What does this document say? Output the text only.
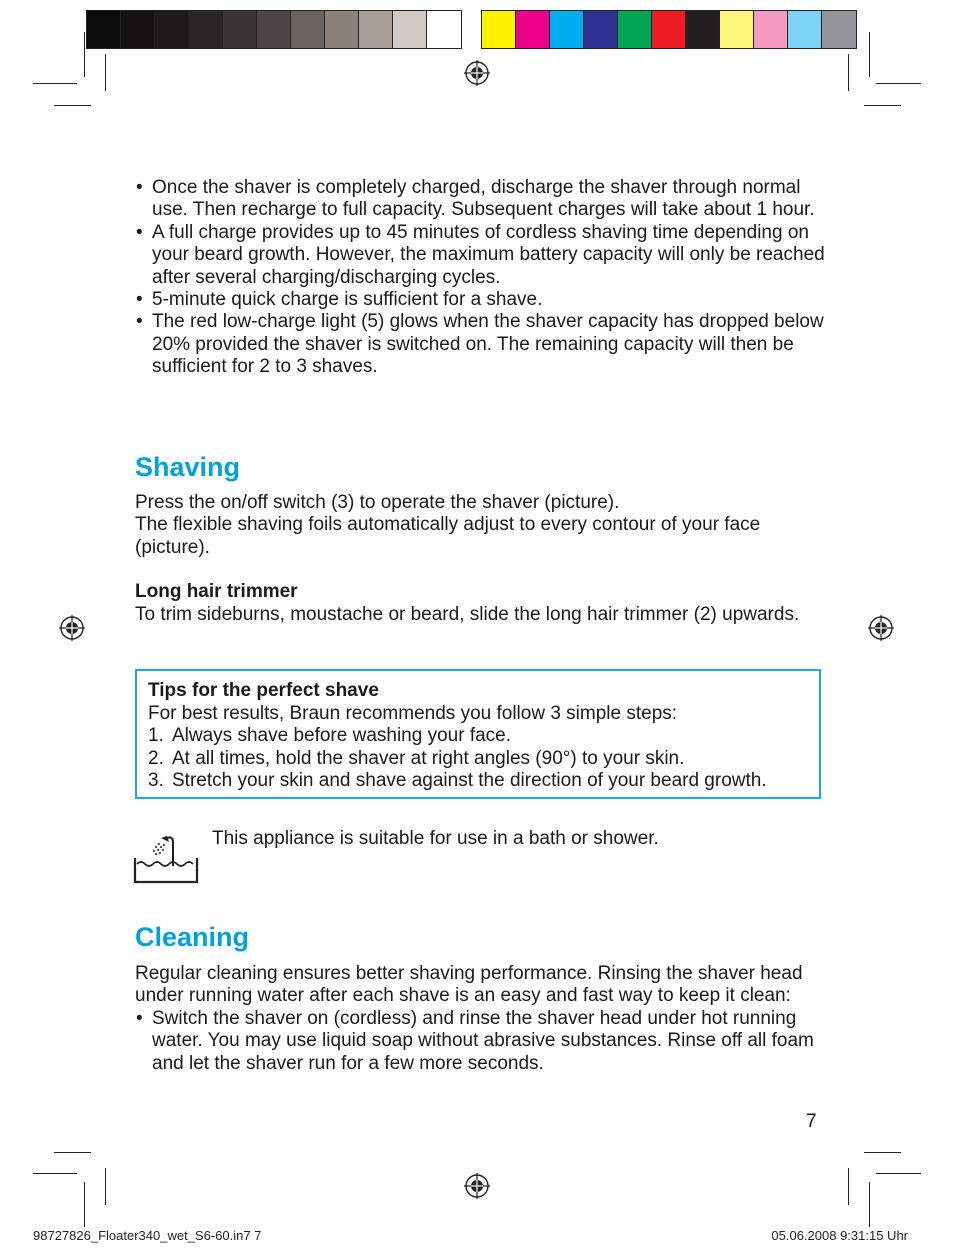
• Once the shaver is completely charged, discharge the shaver through normal use. Then recharge to full capacity. Subsequent charges will take about 1 hour.
• A full charge provides up to 45 minutes of cordless shaving time depending on your beard growth. However, the maximum battery capacity will only be reached after several charging/discharging cycles.
• 5-minute quick charge is sufficient for a shave.
• The red low-charge light (5) glows when the shaver capacity has dropped below 20% provided the shaver is switched on. The remaining capacity will then be sufficient for 2 to 3 shaves.
Shaving

Press the on/off switch (3) to operate the shaver (picture).

The flexible shaving foils automatically adjust to every contour of your face (picture).

Long hair trimmer

To trim sideburns, moustache or beard, slide the long hair trimmer (2) upwards.

Tips for the perfect shave

For best results, Braun recommends you follow 3 simple steps:

1. Always shave before washing your face.
2. At all times, hold the shaver at right angles (90°) to your skin.
3. Stretch your skin and shave against the direction of your beard growth.

This appliance is suitable for use in a bath or shower.

Cleaning

Regular cleaning ensures better shaving performance. Rinsing the shaver head under running water after each shave is an easy and fast way to keep it clean:

• Switch the shaver on (cordless) and rinse the shaver head under hot running water. You may use liquid soap without abrasive substances. Rinse off all foam and let the shaver run for a few more seconds.
7
98727826_Floater340_wet_S6-60.in7 7	05.06.2008 9:31:15 Uhr
